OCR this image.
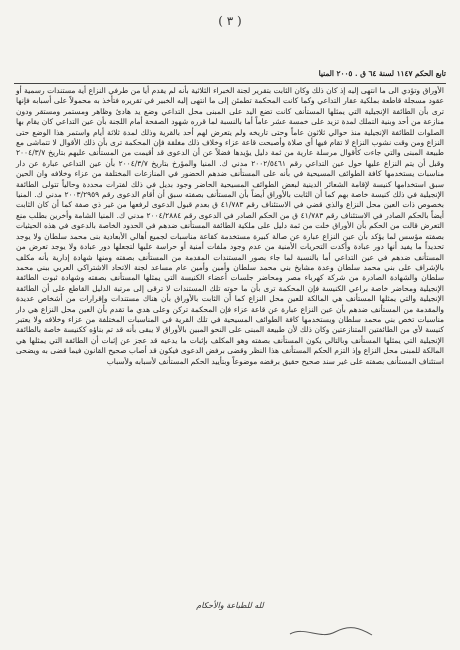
( ٣ )
تابع الحكم ١١٤٧ لسنة ٦٤ ق . ٢٠٠٥ المنيا

الأوراق وتؤدي الى ما انتهى إليه إذ كان ذلك وكان الثابت بتقرير لجنة الخبراء الثلاثية بأنه لم يقدم أيا من طرفي النزاع أية مستندات رسمية أو عقود مسجلة قاطعة بملكية عقار التداعي وكما كانت المحكمة تطمئن إلى ما انتهى إليه الخبير في تقريره فتأخذ به محمولاً على أسبابه فإنها ترى بأن الطائفة الإنجيلية التي يمثلها المستأنف كانت تضع اليد على المبنى محل التداعي وضع يد هادئ وظاهر ومستمر ومستقر ودون منازعة من أحد وبنية التملك لمدة تزيد على خمسة عشر عاماً أما بالنسبة لما قرره شهود الصفحة أمام اللجنة بأن عين التداعي كان يقام بها الصلوات للطائفة الإنجيلية منذ حوالي ثلاثون عاماً وحتى تاريخه ولم يتعرض لهم أحد بالقرية وذلك لمدة ثلاثة أيام واستمر هذا الوضع حتى النزاع ومن وقت نشوب النزاع لا تقام فيها أي صلاة وأصبحت قاعة عزاء وخلاف ذلك مغلقة فإن المحكمة ترى بأن ذلك الأقوال لا تتماشى مع طبيعة المبنى والتي جاءت كأقوال مرسلة عارية من ثمة دليل يؤيدها فضلاً عن أن الدعوى قد أقيمت من المستأنف عليهم بتاريخ ٢٠٠٤/٣/٧ وقبل أن يتم النزاع عليها حول عين التداعي رقم ٢٠٠٢/٥٤٦١ مدني ك. المنيا والمؤرخ بتاريخ ٢٠٠٤/٣/٧ بأن عين التداعي عبارة عن دار مناسبات يستخدمها كافة الطوائف المسيحية في بأنه على المستأنف ضدهم الحضور في المنازعات المختلفة من عزاء وخلافه وان الحين سبق استخدامها كنيسة لإقامة الشعائر الدينية لبعض الطوائف المسيحية الحاضر وجود بديل في ذلك لفترات محددة وحالياً تتولى الطائفة الإنجيلية في ذلك كنيسة خاصة بهم كما أن الثابت بالأوراق أيضاً بأن المستأنف بصفته سبق أن أقام الدعوى رقم ٢٠٠٣/٢٩٥٩ مدني ك. المنيا بخصوص ذات العين محل النزاع والذي قضي في الاستئناف رقم ٤١/٧٨٣ ق بعدم قبول الدعوى لرفعها من غير ذي صفة كما أن كان الثابت أيضاً بالحكم الصادر في الاستئناف رقم ٤١/٧٨٣ ق من الحكم الصادر في الدعوى رقم ٢٠٠٤/٢٨٨٤ مدني ك. المنيا الشامة وأخرين بطلب منع التعرض قالت من الحكم بأن الأوراق خلت من ثمة دليل على ملكية الطائفة المستأنف ضدهم في الحدود الخاصة بالدعوى في هذه الحيثيات بصفته مؤسس لما يؤكد بأن عين النزاع عبارة عن صالة كبيرة مستخدمة كقاعة مناسبات لجميع أهالي الأبعادية بنى محمد سلطان ولا يوجد تحديداً ما يفيد أنها دور عبادة وأكدت التحريات الأمنية من عدم وجود ملفات أمنية أو حراسة عليها لتجعلها دور عبادة ولا يوجد تعرض من المستأنف ضدهم في عين التداعي أما بالنسبة لما جاء بصور المستندات المقدمة من المستأنف بصفته ومنها شهادة إدارية بأنه مكلف بالإشراف على بني محمد سلطان وعدة مشايخ بني محمد سلطان وأمين وأمين عام مساعد لجنة الاتحاد الاشتراكي العربي ببني محمد سلطان والشهادة الصادرة من شركة كهرباء مصر ومحاضر جلسات أعضاء الكنيسة التي يمثلها المستأنف بصفته وشهادة ثبوت الطائفة الإنجيلية ومحاضر خاصة براعي الكنيسة فإن المحكمة ترى بأن ما حوته تلك المستندات لا ترقى إلى مرتبة الدليل القاطع على أن الطائفة الإنجيلية والتي يمثلها المستأنف هي المالكة للعين محل النزاع كما أن الثابت بالأوراق بأن هناك مستندات وإقرارات من أشخاص عديدة والمقدمة من المستأنف ضدهم بأن عين النزاع عبارة عن قاعة عزاء فإن المحكمة تركن وعلى هدي ما تقدم بأن العين محل النزاع هي دار مناسبات تخص بني محمد سلطان ويستخدمها كافة الطوائف المسيحية في تلك القرية في المناسبات المختلفة من عزاء وخلافه ولا يعتبر كنيسة لأي من الطائفتين المتنازعتين وكان ذلك لأن طبيعة المبنى على النحو المبين بالأوراق لا يبقى بأنه قد تم بناؤه ككنيسة خاصة بالطائفة الإنجيلية التي يمثلها المستأنف وبالتالي يكون المستأنف بصفته وهو المكلف بإثبات ما يدعيه قد عجز عن إثبات أن الطائفة التي يمثلها هي المالكة للمبنى محل النزاع وإذ التزم الحكم المستأنف هذا النظر وقضى برفض الدعوى فيكون قد أصاب صحيح القانون فيما قضى به ويضحى استئناف المستأنف بصفته على غير سند صحيح حقيق برفضه موضوعاً وبتأييد الحكم المستأنف لأسبابه ولأسباب

لله للطباعة والأحكام
